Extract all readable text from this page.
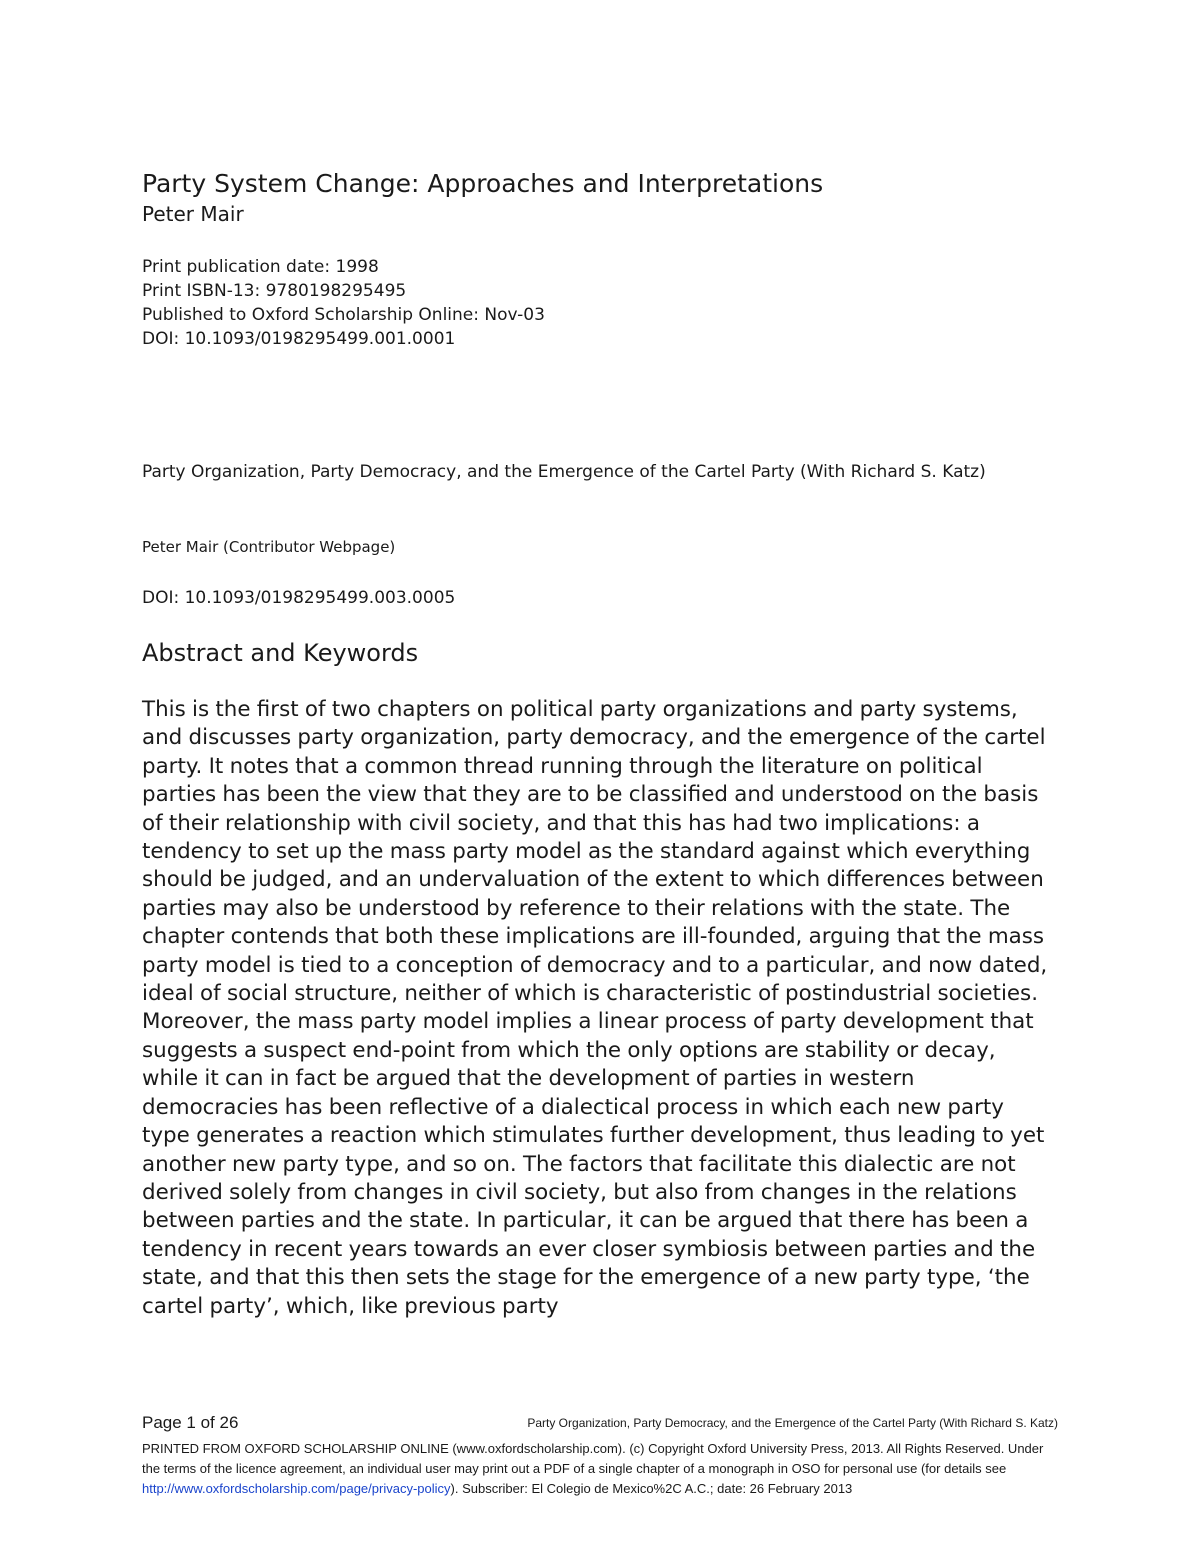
Party System Change: Approaches and Interpretations
Peter Mair
Print publication date: 1998
Print ISBN-13: 9780198295495
Published to Oxford Scholarship Online: Nov-03
DOI: 10.1093/0198295499.001.0001
Party Organization, Party Democracy, and the Emergence of the Cartel Party (With Richard S. Katz)
Peter Mair (Contributor Webpage)
DOI: 10.1093/0198295499.003.0005
Abstract and Keywords
This is the first of two chapters on political party organizations and party systems, and discusses party organization, party democracy, and the emergence of the cartel party. It notes that a common thread running through the literature on political parties has been the view that they are to be classified and understood on the basis of their relationship with civil society, and that this has had two implications: a tendency to set up the mass party model as the standard against which everything should be judged, and an undervaluation of the extent to which differences between parties may also be understood by reference to their relations with the state. The chapter contends that both these implications are ill-founded, arguing that the mass party model is tied to a conception of democracy and to a particular, and now dated, ideal of social structure, neither of which is characteristic of postindustrial societies. Moreover, the mass party model implies a linear process of party development that suggests a suspect end-point from which the only options are stability or decay, while it can in fact be argued that the development of parties in western democracies has been reflective of a dialectical process in which each new party type generates a reaction which stimulates further development, thus leading to yet another new party type, and so on. The factors that facilitate this dialectic are not derived solely from changes in civil society, but also from changes in the relations between parties and the state. In particular, it can be argued that there has been a tendency in recent years towards an ever closer symbiosis between parties and the state, and that this then sets the stage for the emergence of a new party type, ‘the cartel party’, which, like previous party
Page 1 of 26	Party Organization, Party Democracy, and the Emergence of the Cartel Party (With Richard S. Katz)
PRINTED FROM OXFORD SCHOLARSHIP ONLINE (www.oxfordscholarship.com). (c) Copyright Oxford University Press, 2013. All Rights Reserved. Under the terms of the licence agreement, an individual user may print out a PDF of a single chapter of a monograph in OSO for personal use (for details see http://www.oxfordscholarship.com/page/privacy-policy). Subscriber: El Colegio de Mexico%2C A.C.; date: 26 February 2013
